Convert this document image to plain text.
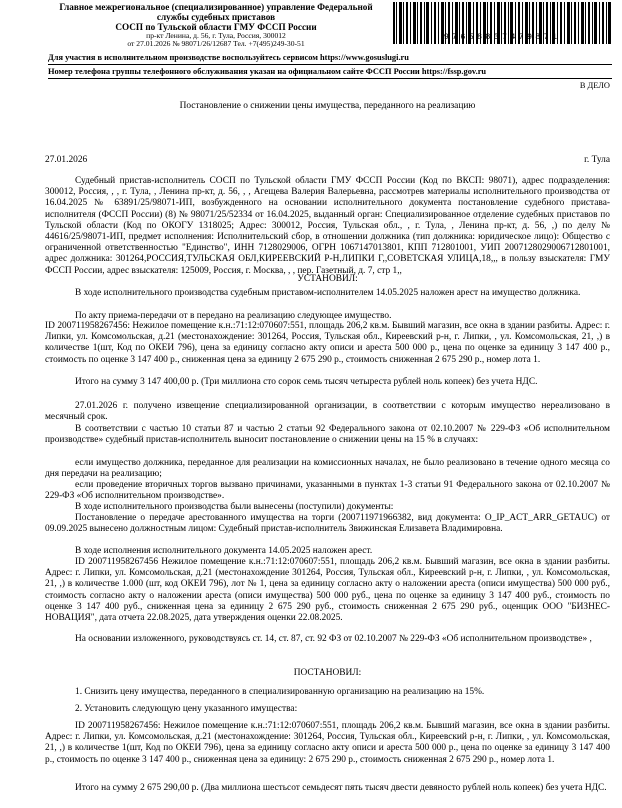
Главное межрегиональное (специализированное) управление Федеральной
службы судебных приставов
СОСП по Тульской области ГМУ ФССП России
пр-кт Ленина, д. 56, г. Тула, Россия, 300012
от 27.01.2026 № 98071/26/12687 Тел. +7(495)249-30-51
97658807479871
Для участия в исполнительном производстве воспользуйтесь сервисом https://www.gosuslugi.ru
Номер телефона группы телефонного обслуживания указан на официальном сайте ФССП России https://fssp.gov.ru
В ДЕЛО
Постановление о снижении цены имущества, переданного на реализацию
27.01.2026	г. Тула
Судебный пристав-исполнитель СОСП по Тульской области ГМУ ФССП России (Код по ВКСП: 98071), адрес подразделения: 300012, Россия, , , г. Тула, , Ленина пр-кт, д. 56, , , Агещева Валерия Валерьевна, рассмотрев материалы исполнительного производства от 16.04.2025 № 63891/25/98071-ИП, возбужденного на основании исполнительного документа постановление судебного пристава-исполнителя (ФССП России) (8) № 98071/25/52334 от 16.04.2025, выданный орган: Специализированное отделение судебных приставов по Тульской области (Код по ОКОГУ 1318025; Адрес: 300012, Россия, Тульская обл., , г. Тула, , Ленина пр-кт, д. 56, ,) по делу № 44616/25/98071-ИП, предмет исполнения: Исполнительский сбор, в отношении должника (тип должника: юридическое лицо): Общество с ограниченной ответственностью "Единство", ИНН 7128029006, ОГРН 1067147013801, КПП 712801001, УИП 2007128029006712801001, адрес должника: 301264,РОССИЯ,ТУЛЬСКАЯ ОБЛ,КИРЕЕВСКИЙ Р-Н,ЛИПКИ Г,,СОВЕТСКАЯ УЛИЦА,18,,, в пользу взыскателя: ГМУ ФССП России, адрес взыскателя: 125009, Россия, г. Москва, , , пер. Газетный, д. 7, стр 1,,
УСТАНОВИЛ:
В ходе исполнительного производства судебным приставом-исполнителем 14.05.2025 наложен арест на имущество должника.
По акту приема-передачи от в передано на реализацию следующее имущество.
ID 200711958267456: Нежилое помещение к.н.:71:12:070607:551, площадь 206,2 кв.м. Бывший магазин, все окна в здании разбиты. Адрес: г. Липки, ул. Комсомольская, д.21 (местонахождение: 301264, Россия, Тульская обл., Киреевский р-н, г. Липки, , ул. Комсомольская, 21, ,) в количестве 1(шт, Код по ОКЕИ 796), цена за единицу согласно акту описи и ареста 500 000 р., цена по оценке за единицу 3 147 400 р., стоимость по оценке 3 147 400 р., сниженная цена за единицу 2 675 290 р., стоимость сниженная 2 675 290 р., номер лота 1.
Итого на сумму 3 147 400,00 р. (Три миллиона сто сорок семь тысяч четыреста рублей ноль копеек) без учета НДС.
27.01.2026 г. получено извещение специализированной организации, в соответствии с которым имущество нереализовано в месячный срок.
В соответствии с частью 10 статьи 87 и частью 2 статьи 92 Федерального закона от 02.10.2007 № 229-ФЗ «Об исполнительном производстве» судебный пристав-исполнитель выносит постановление о снижении цены на 15 % в случаях:
если имущество должника, переданное для реализации на комиссионных началах, не было реализовано в течение одного месяца со дня передачи на реализацию;
если проведение вторичных торгов вызвано причинами, указанными в пунктах 1-3 статьи 91 Федерального закона от 02.10.2007 № 229-ФЗ «Об исполнительном производстве».
В ходе исполнительного производства были вынесены (поступили) документы:
Постановление о передаче арестованного имущества на торги (200711971966382, вид документа: O_IP_ACT_ARR_GETAUC) от 09.09.2025 вынесено должностным лицом: Судебный пристав-исполнитель Звижинская Елизавета Владимировна.
В ходе исполнения исполнительного документа 14.05.2025 наложен арест.
ID 200711958267456 Нежилое помещение к.н.:71:12:070607:551, площадь 206,2 кв.м. Бывший магазин, все окна в здании разбиты. Адрес: г. Липки, ул. Комсомольская, д.21 (местонахождение 301264, Россия, Тульская обл., Киреевский р-н, г. Липки, , ул. Комсомольская, 21, ,) в количестве 1.000 (шт, код ОКЕИ 796), лот № 1, цена за единицу согласно акту о наложении ареста (описи имущества) 500 000 руб., стоимость согласно акту о наложении ареста (описи имущества) 500 000 руб., цена по оценке за единицу 3 147 400 руб., стоимость по оценке 3 147 400 руб., сниженная цена за единицу 2 675 290 руб., стоимость сниженная 2 675 290 руб., оценщик ООО "БИЗНЕС-НОВАЦИЯ", дата отчета 22.08.2025, дата утверждения оценки 22.08.2025.
На основании изложенного, руководствуясь ст. 14, ст. 87, ст. 92 ФЗ от 02.10.2007 № 229-ФЗ «Об исполнительном производстве» ,
ПОСТАНОВИЛ:
1. Снизить цену имущества, переданного в специализированную организацию на реализацию на 15%.
2. Установить следующую цену указанного имущества:
ID 200711958267456: Нежилое помещение к.н.:71:12:070607:551, площадь 206,2 кв.м. Бывший магазин, все окна в здании разбиты. Адрес: г. Липки, ул. Комсомольская, д.21 (местонахождение: 301264, Россия, Тульская обл., Киреевский р-н, г. Липки, , ул. Комсомольская, 21, ,) в количестве 1(шт, Код по ОКЕИ 796), цена за единицу согласно акту описи и ареста 500 000 р., цена по оценке за единицу 3 147 400 р., стоимость по оценке 3 147 400 р., сниженная цена за единицу: 2 675 290 р., стоимость сниженная 2 675 290 р., номер лота 1.
Итого на сумму 2 675 290,00 р. (Два миллиона шестьсот семьдесят пять тысяч двести девяносто рублей ноль копеек) без учета НДС.
